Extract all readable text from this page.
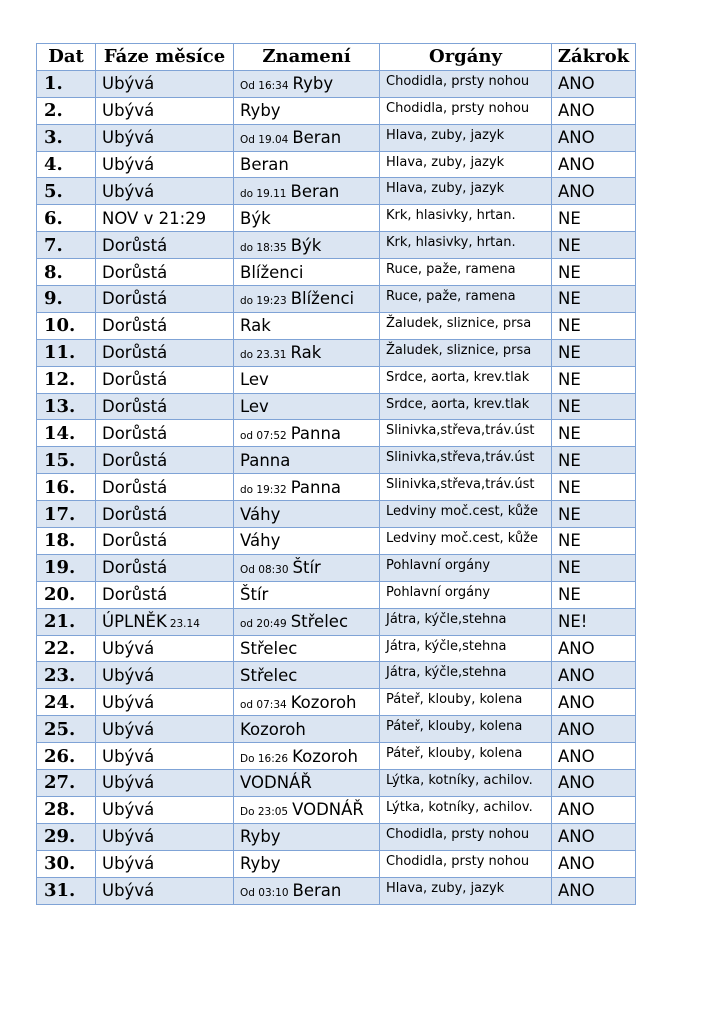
Dat	Fáze měsíce	Znamení	Orgány	Zákrok
1.	Ubývá	Od 16:34 Ryby	Chodidla, prsty nohou	ANO
2.	Ubývá	Ryby	Chodidla, prsty nohou	ANO
3.	Ubývá	Od 19.04 Beran	Hlava, zuby, jazyk	ANO
4.	Ubývá	Beran	Hlava, zuby, jazyk	ANO
5.	Ubývá	do 19.11 Beran	Hlava, zuby, jazyk	ANO
6.	NOV v 21:29	Býk	Krk, hlasivky, hrtan.	NE
7.	Dorůstá	do 18:35 Býk	Krk, hlasivky, hrtan.	NE
8.	Dorůstá	Blíženci	Ruce, paže, ramena	NE
9.	Dorůstá	do 19:23 Blíženci	Ruce, paže, ramena	NE
10.	Dorůstá	Rak	Žaludek, sliznice, prsa	NE
11.	Dorůstá	do 23.31 Rak	Žaludek, sliznice, prsa	NE
12.	Dorůstá	Lev	Srdce, aorta, krev.tlak	NE
13.	Dorůstá	Lev	Srdce, aorta, krev.tlak	NE
14.	Dorůstá	od 07:52 Panna	Slinivka,střeva,tráv.úst	NE
15.	Dorůstá	Panna	Slinivka,střeva,tráv.úst	NE
16.	Dorůstá	do 19:32 Panna	Slinivka,střeva,tráv.úst	NE
17.	Dorůstá	Váhy	Ledviny moč.cest, kůže	NE
18.	Dorůstá	Váhy	Ledviny moč.cest, kůže	NE
19.	Dorůstá	Od 08:30 Štír	Pohlavní orgány	NE
20.	Dorůstá	Štír	Pohlavní orgány	NE
21.	ÚPLNĚK 23.14	od 20:49 Střelec	Játra, kýčle,stehna	NE!
22.	Ubývá	Střelec	Játra, kýčle,stehna	ANO
23.	Ubývá	Střelec	Játra, kýčle,stehna	ANO
24.	Ubývá	od 07:34 Kozoroh	Páteř, klouby, kolena	ANO
25.	Ubývá	Kozoroh	Páteř, klouby, kolena	ANO
26.	Ubývá	Do 16:26 Kozoroh	Páteř, klouby, kolena	ANO
27.	Ubývá	VODNÁŘ	Lýtka, kotníky, achilov.	ANO
28.	Ubývá	Do 23:05 VODNÁŘ	Lýtka, kotníky, achilov.	ANO
29.	Ubývá	Ryby	Chodidla, prsty nohou	ANO
30.	Ubývá	Ryby	Chodidla, prsty nohou	ANO
31.	Ubývá	Od 03:10 Beran	Hlava, zuby, jazyk	ANO
